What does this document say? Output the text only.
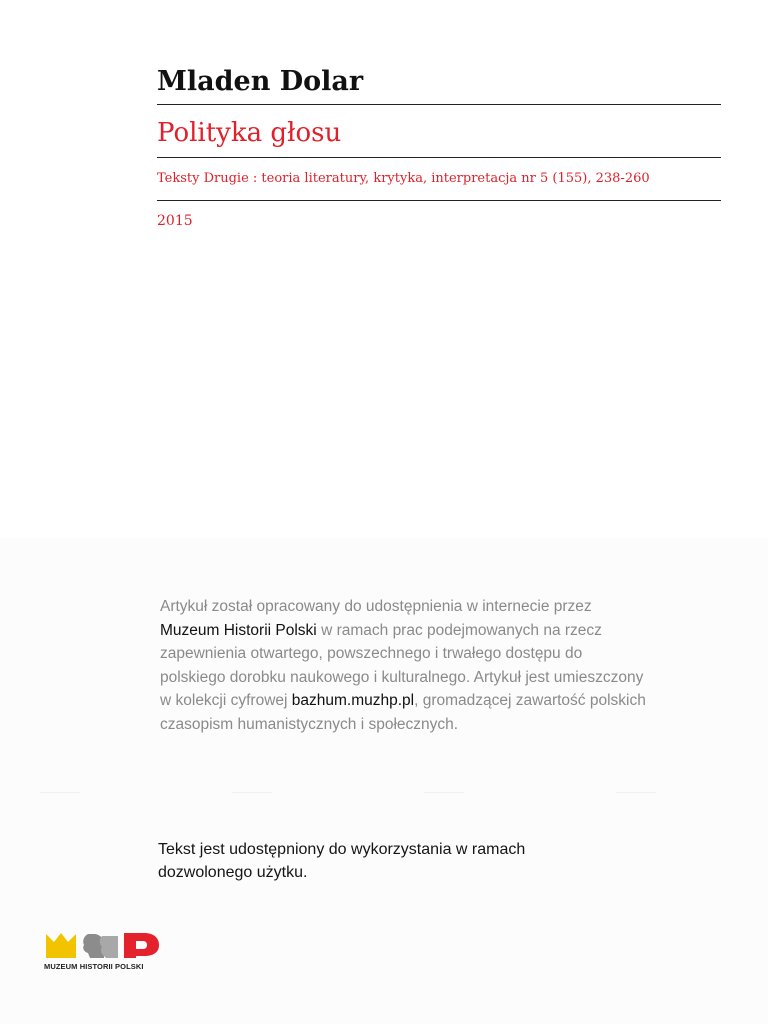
Mladen Dolar
Polityka głosu
Teksty Drugie : teoria literatury, krytyka, interpretacja nr 5 (155), 238-260
2015
Artykuł został opracowany do udostępnienia w internecie przez
Muzeum Historii Polski w ramach prac podejmowanych na rzecz
zapewnienia otwartego, powszechnego i trwałego dostępu do
polskiego dorobku naukowego i kulturalnego. Artykuł jest umieszczony
w kolekcji cyfrowej bazhum.muzhp.pl, gromadzącej zawartość polskich
czasopism humanistycznych i społecznych.
Tekst jest udostępniony do wykorzystania w ramach
dozwolonego użytku.
MUZEUM HISTORII POLSKI
